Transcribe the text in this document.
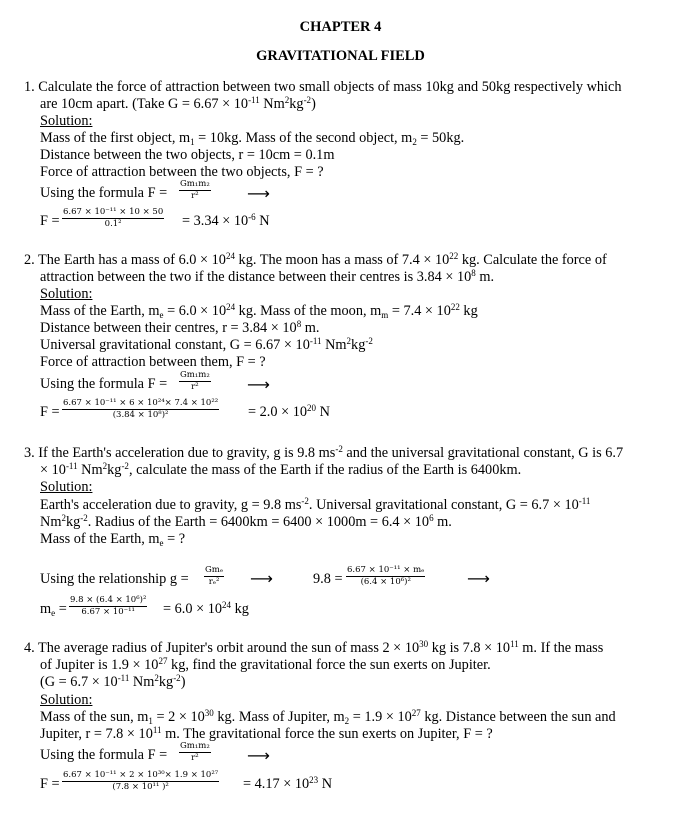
CHAPTER 4
GRAVITATIONAL FIELD
1. Calculate the force of attraction between two small objects of mass 10kg and 50kg respectively which
are 10cm apart. (Take $G = 6.67 \times 10^{-11}$ $Nm^2kg^{-2}$)
Solution:
Mass of the first object, $m_1 = 10kg$. Mass of the second object, $m_2 = 50kg$.
Distance between the two objects, r = 10cm = 0.1m
Force of attraction between the two objects, F = ?
Using the formula F =
Gm₁m₂
r²	⟶
F =
6.67 × 10⁻¹¹ × 10 × 50
0.1²	= $3.34 \times 10^{-6}$ N
2. The Earth has a mass of $6.0 \times 10^{24}$ kg. The moon has a mass of $7.4 \times 10^{22}$ kg. Calculate the force of
attraction between the two if the distance between their centres is $3.84 \times 10^8$ m.
Solution:
Mass of the Earth, $m_e = 6.0 \times 10^{24}$ kg. Mass of the moon, $m_m = 7.4 \times 10^{22}$ kg
Distance between their centres, $r = 3.84 \times 10^8$ m.
Universal gravitational constant, $G = 6.67 \times 10^{-11}$ $Nm^2kg^{-2}$
Force of attraction between them, F = ?
Using the formula F =
Gm₁m₂
r²	⟶
F =
6.67 × 10⁻¹¹ × 6 × 10²⁴× 7.4 × 10²²
(3.84 × 10⁸)²	= $2.0 \times 10^{20}$ N
3. If the Earth's acceleration due to gravity, g is 9.8 $ms^{-2}$ and the universal gravitational constant, G is 6.7
× $10^{-11}$ $Nm^2kg^{-2}$, calculate the mass of the Earth if the radius of the Earth is 6400km.
Solution:
Earth's acceleration due to gravity, g = 9.8 $ms^{-2}$. Universal gravitational constant, $G = 6.7 \times 10^{-11}$
$Nm^2kg^{-2}$. Radius of the Earth = $6400km = 6400 \times 1000m = 6.4 \times 10^6$ m.
Mass of the Earth, $m_e$ = ?
Using the relationship g =
Gmₑ
rₑ² ⟶	9.8 =
6.67 × 10⁻¹¹ × mₑ
(6.4 × 10⁶)²	⟶
$m_e$ =
9.8 × (6.4 × 10⁶)²
$6.67 \times 10^{-11} = 6.0 \times 10^{24}$ kg
4. The average radius of Jupiter's orbit around the sun of mass $2 \times 10^{30}$ kg is $7.8 \times 10^{11}$ m. If the mass
of Jupiter is $1.9 \times 10^{27}$ kg, find the gravitational force the sun exerts on Jupiter.
($G = 6.7 \times 10^{-11}$ $Nm^2kg^{-2}$)
Solution:
Mass of the sun, $m_1 = 2 \times 10^{30}$ kg. Mass of Jupiter, $m_2 = 1.9 \times 10^{27}$ kg. Distance between the sun and
Jupiter, $r = 7.8 \times 10^{11}$ m. The gravitational force the sun exerts on Jupiter, F = ?
Using the formula F =
Gm₁m₂
r²	⟶
F =
6.67 × 10⁻¹¹ × 2 × 10³⁰× 1.9 × 10²⁷
(7.8 × 10¹¹ )²	= $4.17 \times 10^{23}$ N
